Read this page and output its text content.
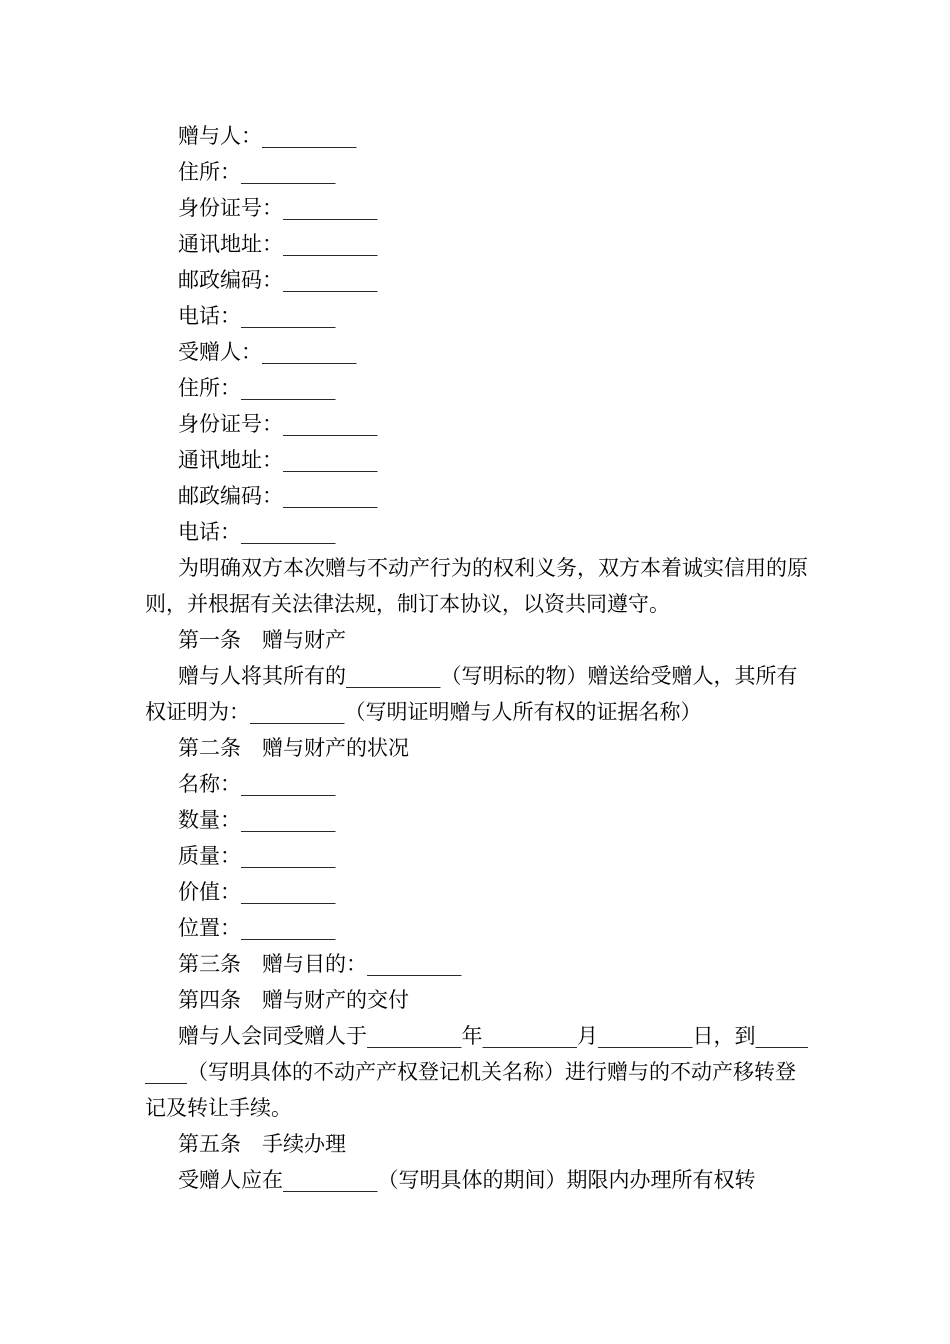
赠与人：_________
住所：_________
身份证号：_________
通讯地址：_________
邮政编码：_________
电话：_________
受赠人：_________
住所：_________
身份证号：_________
通讯地址：_________
邮政编码：_________
电话：_________
为明确双方本次赠与不动产行为的权利义务，双方本着诚实信用的原则，并根据有关法律法规，制订本协议，以资共同遵守。
第一条　赠与财产
赠与人将其所有的_________（写明标的物）赠送给受赠人，其所有权证明为：_________（写明证明赠与人所有权的证据名称）
第二条　赠与财产的状况
名称：_________
数量：_________
质量：_________
价值：_________
位置：_________
第三条　赠与目的：_________
第四条　赠与财产的交付
赠与人会同受赠人于_________年_________月_________日，到_________（写明具体的不动产产权登记机关名称）进行赠与的不动产移转登记及转让手续。
第五条　手续办理
受赠人应在_________（写明具体的期间）期限内办理所有权转
